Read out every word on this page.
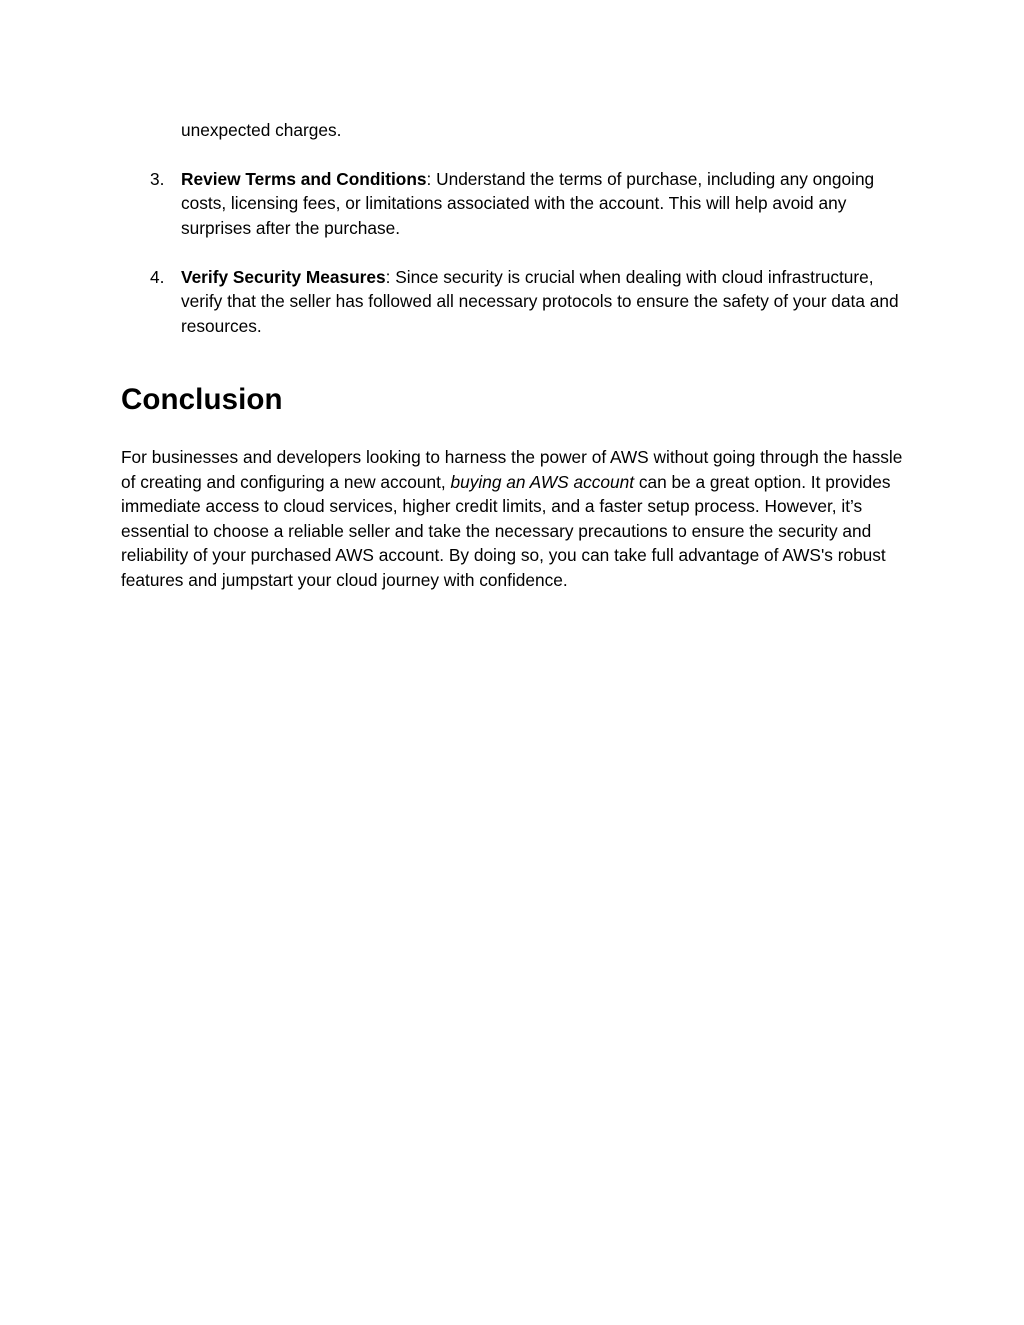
unexpected charges.

3. Review Terms and Conditions: Understand the terms of purchase, including any ongoing costs, licensing fees, or limitations associated with the account. This will help avoid any surprises after the purchase.
4. Verify Security Measures: Since security is crucial when dealing with cloud infrastructure, verify that the seller has followed all necessary protocols to ensure the safety of your data and resources.
Conclusion

For businesses and developers looking to harness the power of AWS without going through the hassle of creating and configuring a new account, buying an AWS account can be a great option. It provides immediate access to cloud services, higher credit limits, and a faster setup process. However, it’s essential to choose a reliable seller and take the necessary precautions to ensure the security and reliability of your purchased AWS account. By doing so, you can take full advantage of AWS's robust features and jumpstart your cloud journey with confidence.
